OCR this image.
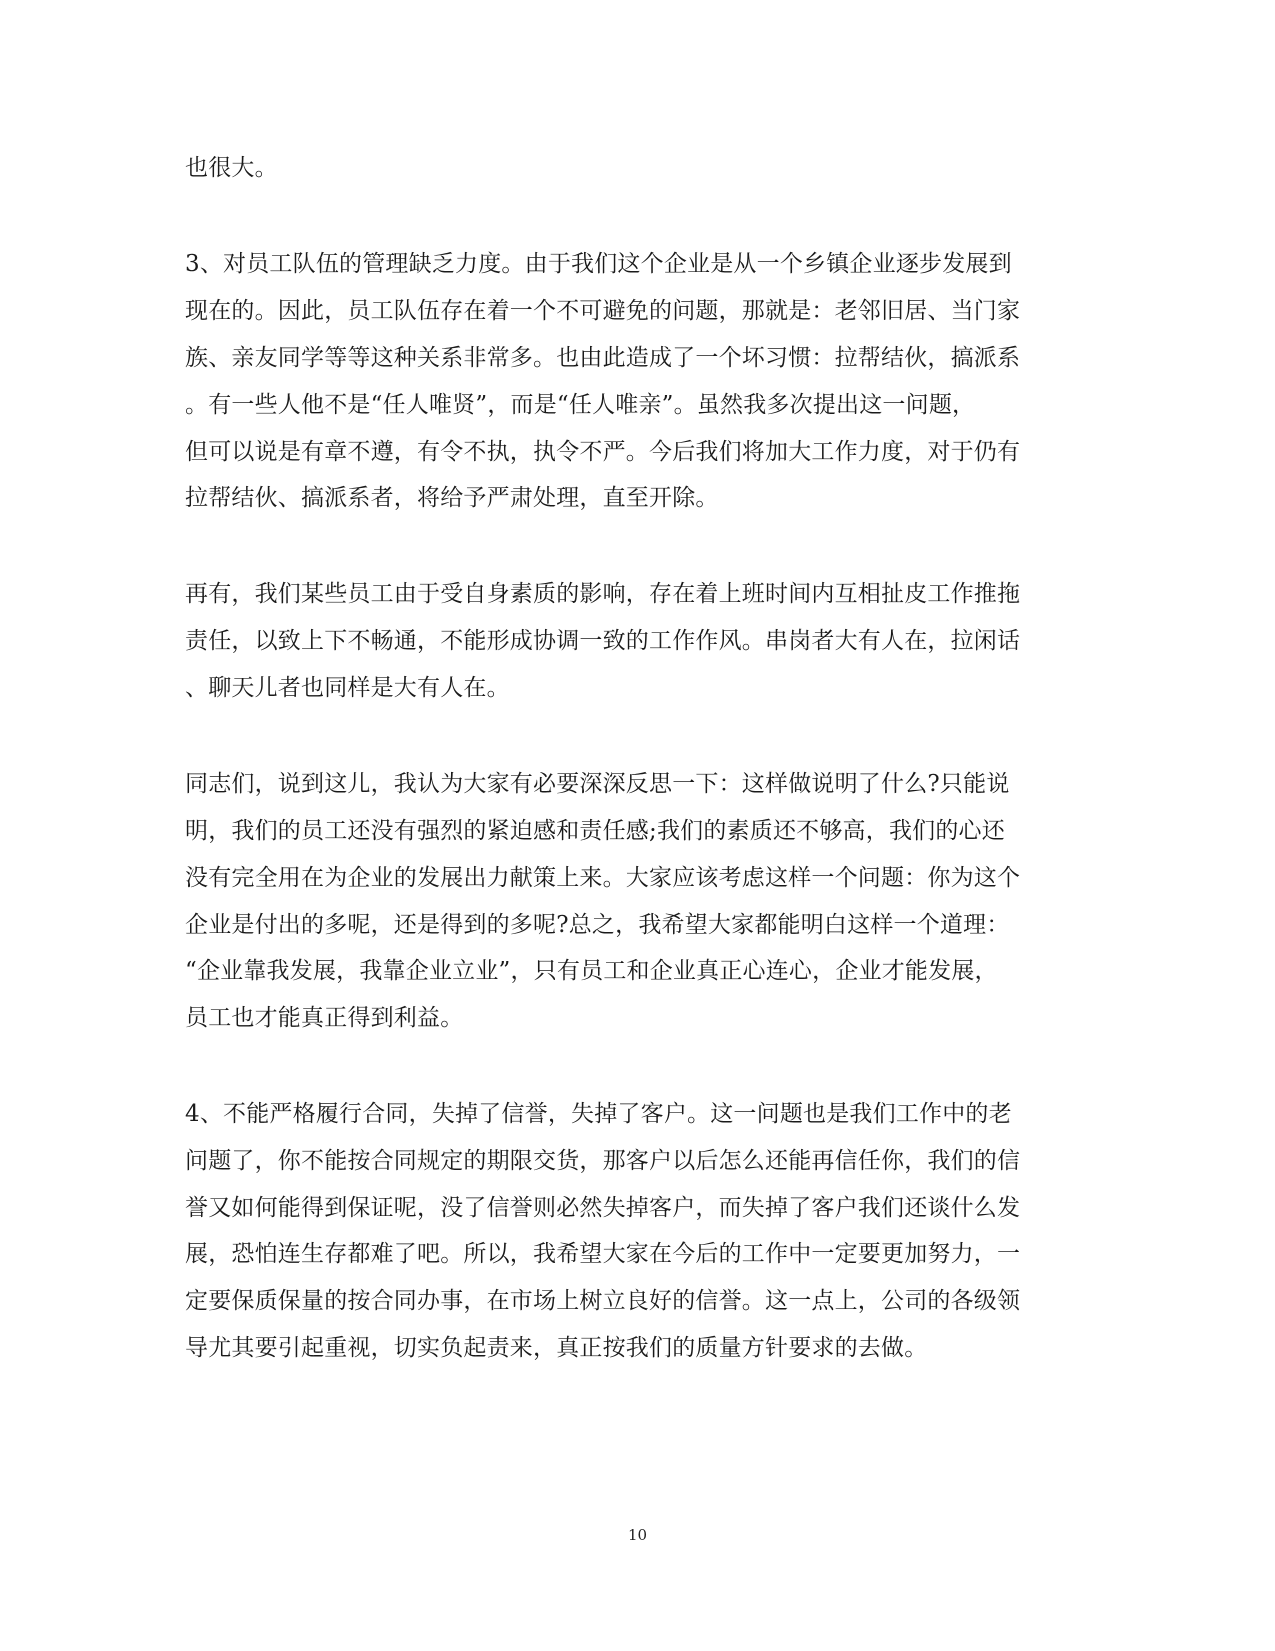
也很大。
3、对员工队伍的管理缺乏力度。由于我们这个企业是从一个乡镇企业逐步发展到
现在的。因此，员工队伍存在着一个不可避免的问题，那就是：老邻旧居、当门家
族、亲友同学等等这种关系非常多。也由此造成了一个坏习惯：拉帮结伙，搞派系
。有一些人他不是“任人唯贤”，而是“任人唯亲”。虽然我多次提出这一问题，
但可以说是有章不遵，有令不执，执令不严。今后我们将加大工作力度，对于仍有
拉帮结伙、搞派系者，将给予严肃处理，直至开除。
再有，我们某些员工由于受自身素质的影响，存在着上班时间内互相扯皮工作推拖
责任，以致上下不畅通，不能形成协调一致的工作作风。串岗者大有人在，拉闲话
、聊天儿者也同样是大有人在。
同志们，说到这儿，我认为大家有必要深深反思一下：这样做说明了什么?只能说
明，我们的员工还没有强烈的紧迫感和责任感;我们的素质还不够高，我们的心还
没有完全用在为企业的发展出力献策上来。大家应该考虑这样一个问题：你为这个
企业是付出的多呢，还是得到的多呢?总之，我希望大家都能明白这样一个道理：
“企业靠我发展，我靠企业立业”，只有员工和企业真正心连心，企业才能发展，
员工也才能真正得到利益。
4、不能严格履行合同，失掉了信誉，失掉了客户。这一问题也是我们工作中的老
问题了，你不能按合同规定的期限交货，那客户以后怎么还能再信任你，我们的信
誉又如何能得到保证呢，没了信誉则必然失掉客户，而失掉了客户我们还谈什么发
展，恐怕连生存都难了吧。所以，我希望大家在今后的工作中一定要更加努力，一
定要保质保量的按合同办事，在市场上树立良好的信誉。这一点上，公司的各级领
导尤其要引起重视，切实负起责来，真正按我们的质量方针要求的去做。
10
